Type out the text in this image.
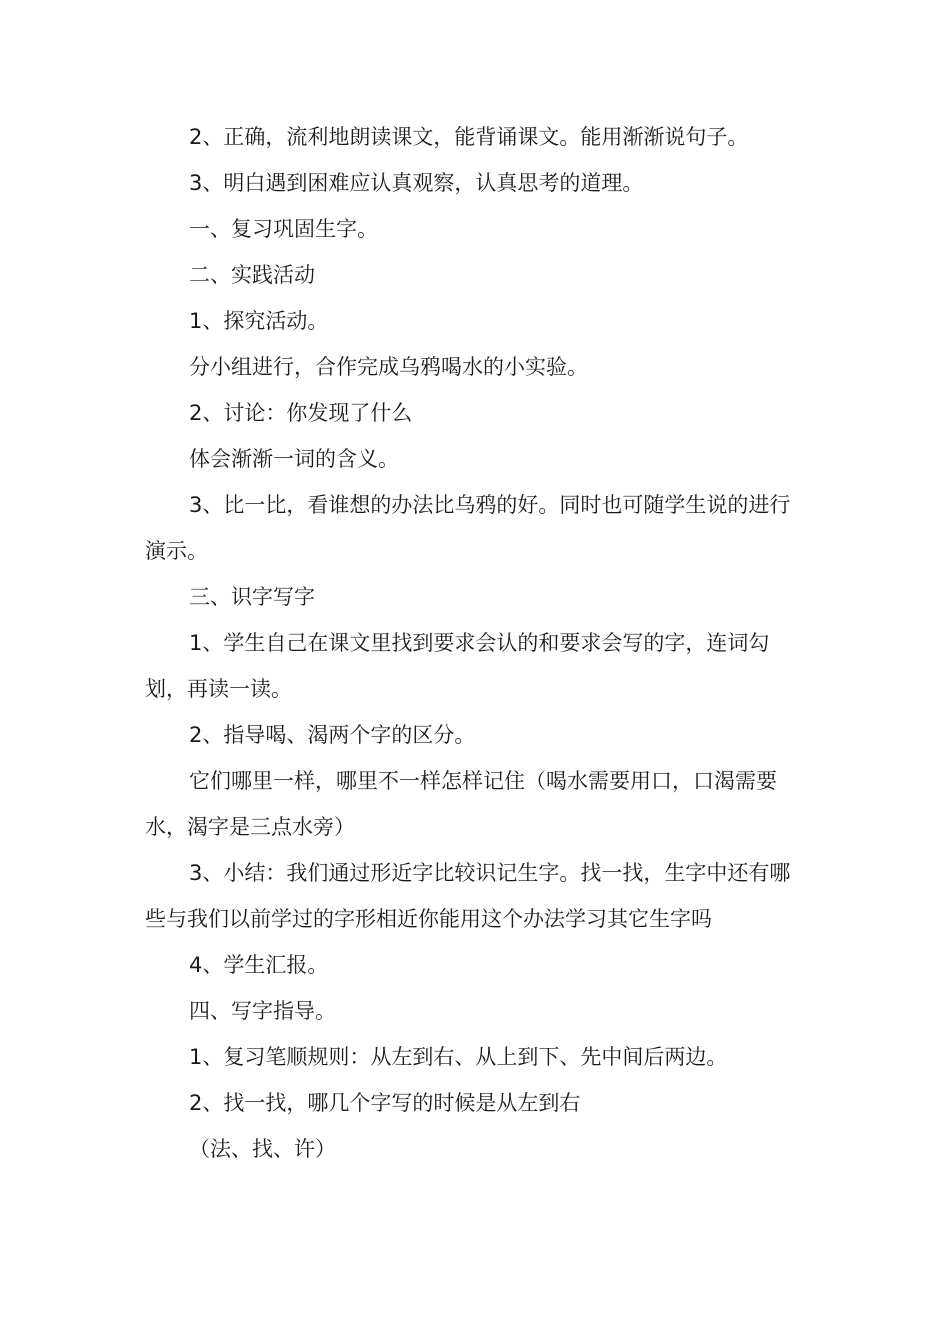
2、正确，流利地朗读课文，能背诵课文。能用渐渐说句子。

3、明白遇到困难应认真观察，认真思考的道理。

一、复习巩固生字。

二、实践活动

1、探究活动。

分小组进行，合作完成乌鸦喝水的小实验。

2、讨论：你发现了什么

体会渐渐一词的含义。

3、比一比，看谁想的办法比乌鸦的好。同时也可随学生说的进行演示。

三、识字写字

1、学生自己在课文里找到要求会认的和要求会写的字，连词勾划，再读一读。

2、指导喝、渴两个字的区分。

它们哪里一样，哪里不一样怎样记住（喝水需要用口，口渴需要水，渴字是三点水旁）

3、小结：我们通过形近字比较识记生字。找一找，生字中还有哪些与我们以前学过的字形相近你能用这个办法学习其它生字吗

4、学生汇报。

四、写字指导。

1、复习笔顺规则：从左到右、从上到下、先中间后两边。

2、找一找，哪几个字写的时候是从左到右

（法、找、许）
